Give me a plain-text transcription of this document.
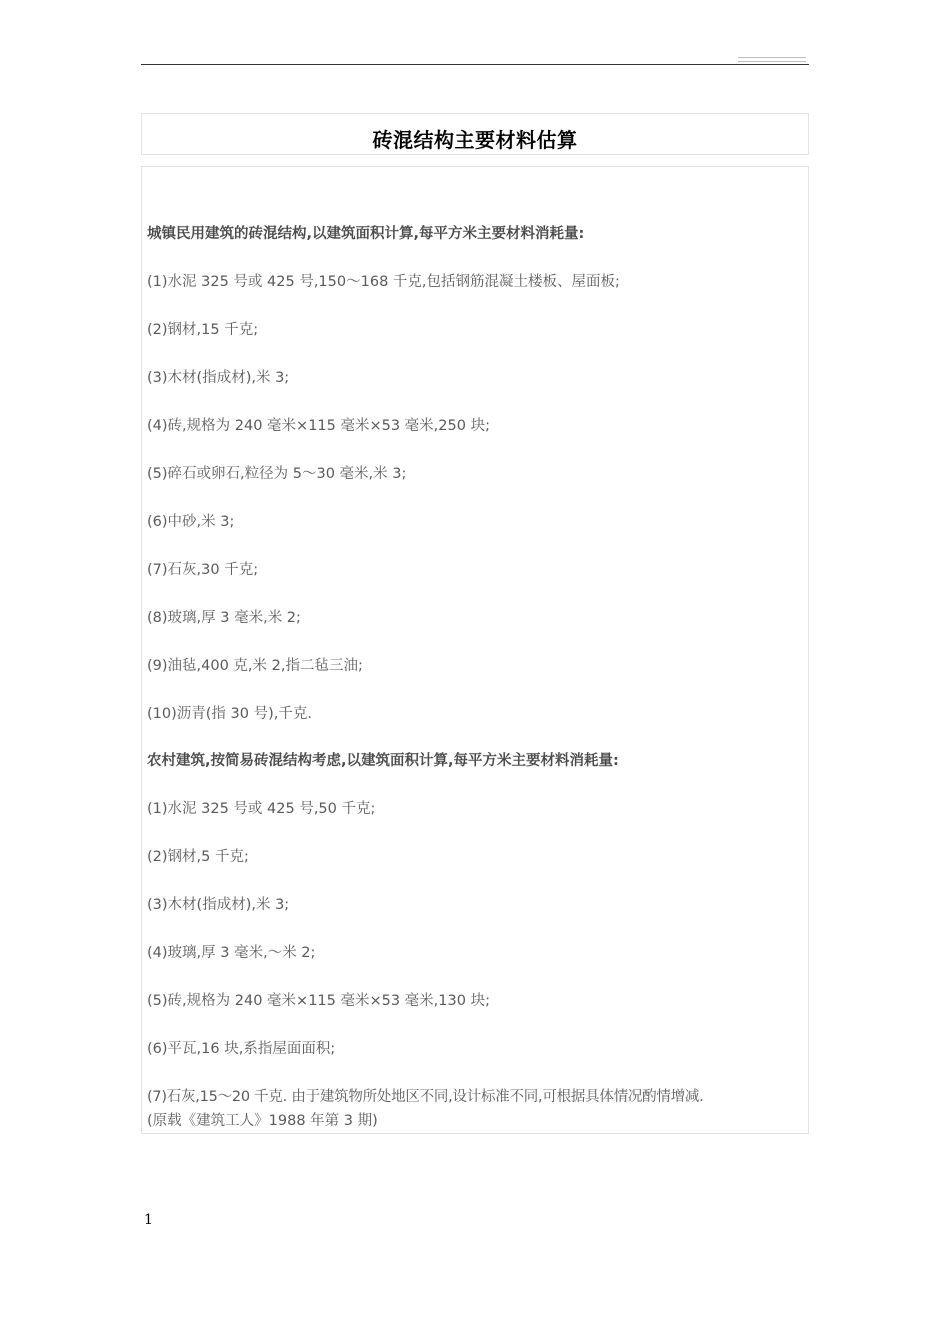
砖混结构主要材料估算
城镇民用建筑的砖混结构,以建筑面积计算,每平方米主要材料消耗量:
(1)水泥 325 号或 425 号,150～168 千克,包括钢筋混凝土楼板、屋面板;
(2)钢材,15 千克;
(3)木材(指成材),米 3;
(4)砖,规格为 240 毫米×115 毫米×53 毫米,250 块;
(5)碎石或卵石,粒径为 5～30 毫米,米 3;
(6)中砂,米 3;
(7)石灰,30 千克;
(8)玻璃,厚 3 毫米,米 2;
(9)油毡,400 克,米 2,指二毡三油;
(10)沥青(指 30 号),千克.
农村建筑,按简易砖混结构考虑,以建筑面积计算,每平方米主要材料消耗量:
(1)水泥 325 号或 425 号,50 千克;
(2)钢材,5 千克;
(3)木材(指成材),米 3;
(4)玻璃,厚 3 毫米,～米 2;
(5)砖,规格为 240 毫米×115 毫米×53 毫米,130 块;
(6)平瓦,16 块,系指屋面面积;
(7)石灰,15～20 千克. 由于建筑物所处地区不同,设计标准不同,可根据具体情况酌情增减.
(原载《建筑工人》1988 年第 3 期)
1
